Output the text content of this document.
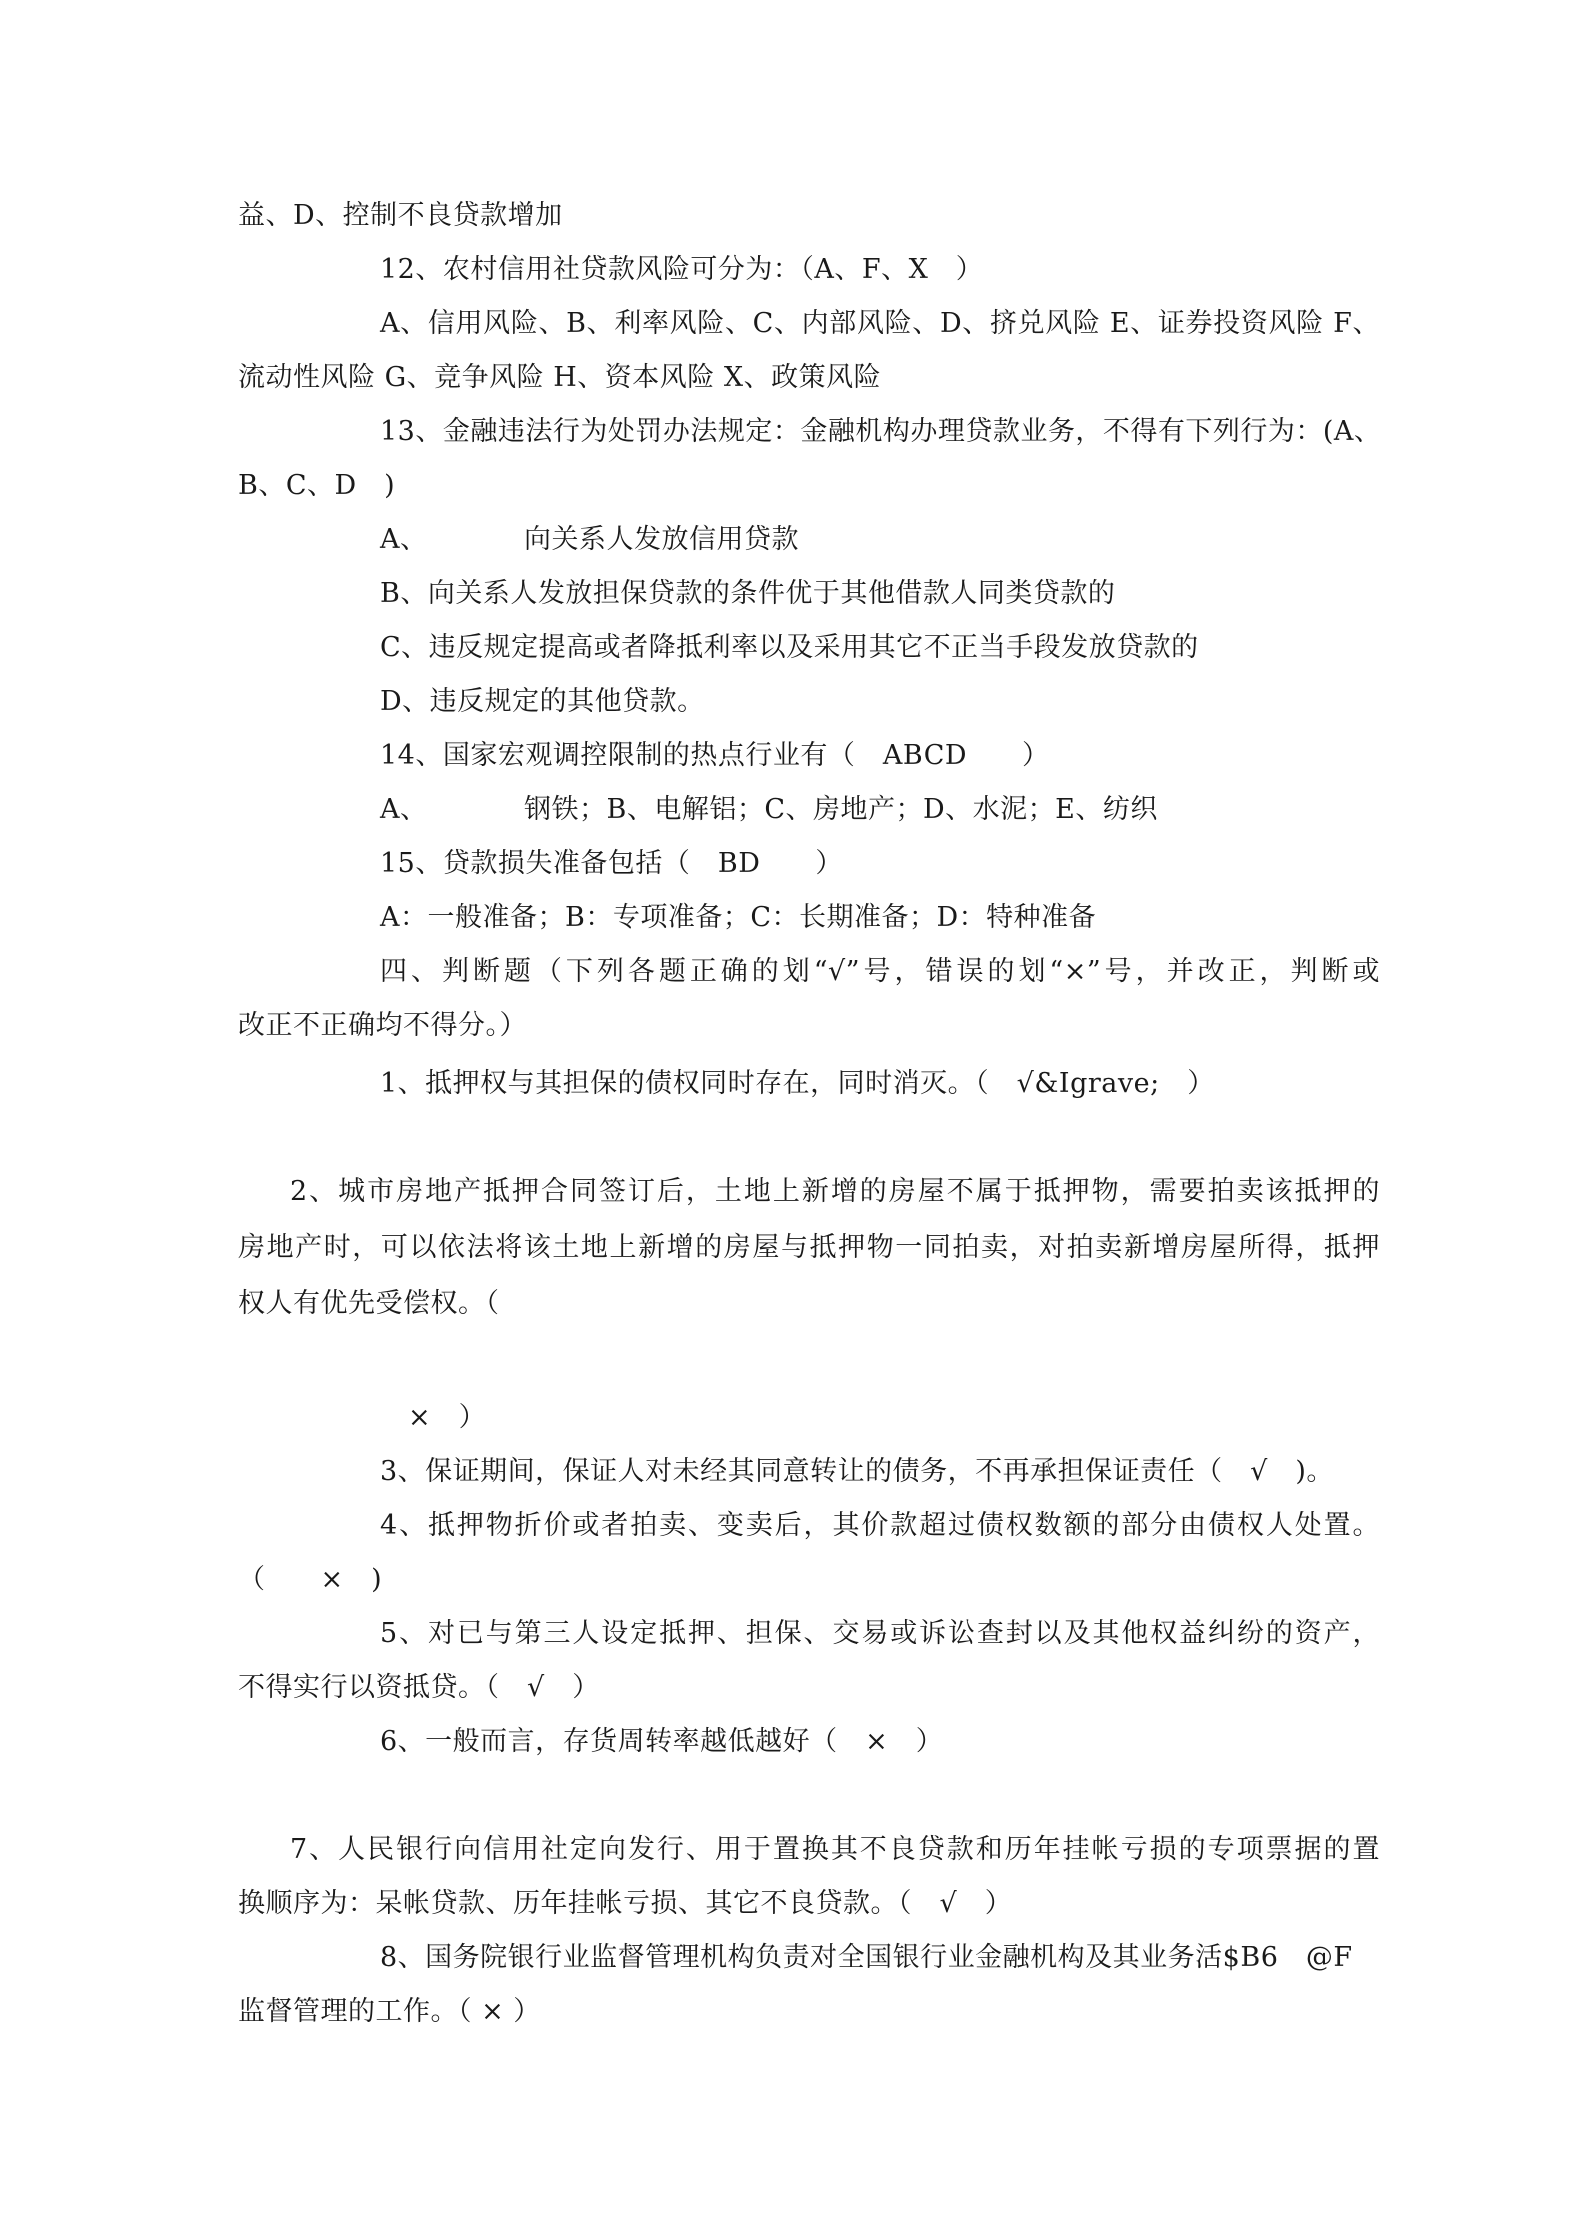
益、D、控制不良贷款增加
12、农村信用社贷款风险可分为：（A、F、X　）
A、信用风险、B、利率风险、C、内部风险、D、挤兑风险 E、证券投资风险 F、
流动性风险 G、竞争风险 H、资本风险 X、政策风险
13、金融违法行为处罚办法规定：金融机构办理贷款业务，不得有下列行为：(A、
B、C、D　)
A、　　　　向关系人发放信用贷款
B、向关系人发放担保贷款的条件优于其他借款人同类贷款的
C、违反规定提高或者降抵利率以及采用其它不正当手段发放贷款的
D、违反规定的其他贷款。
14、国家宏观调控限制的热点行业有（　ABCD　　）
A、　　　　钢铁；B、电解铝；C、房地产；D、水泥；E、纺织
15、贷款损失准备包括（　BD　　）
A：一般准备；B：专项准备；C：长期准备；D：特种准备
四、判断题（下列各题正确的划“√”号，错误的划“×”号，并改正，判断或
改正不正确均不得分。）
1、抵押权与其担保的债权同时存在，同时消灭。（　√&Igrave;　）
2、城市房地产抵押合同签订后，土地上新增的房屋不属于抵押物，需要拍卖该抵押的
房地产时，可以依法将该土地上新增的房屋与抵押物一同拍卖，对拍卖新增房屋所得，抵押
权人有优先受偿权。（
×　）
3、保证期间，保证人对未经其同意转让的债务，不再承担保证责任（　√　)。
4、抵押物折价或者拍卖、变卖后，其价款超过债权数额的部分由债权人处置。
（　　×　)
5、对已与第三人设定抵押、担保、交易或诉讼查封以及其他权益纠纷的资产，
不得实行以资抵贷。（　√　）
6、一般而言，存货周转率越低越好（　×　）
7、人民银行向信用社定向发行、用于置换其不良贷款和历年挂帐亏损的专项票据的置
换顺序为：呆帐贷款、历年挂帐亏损、其它不良贷款。（　√　）
8、国务院银行业监督管理机构负责对全国银行业金融机构及其业务活$B6　@F
监督管理的工作。（ × ）
